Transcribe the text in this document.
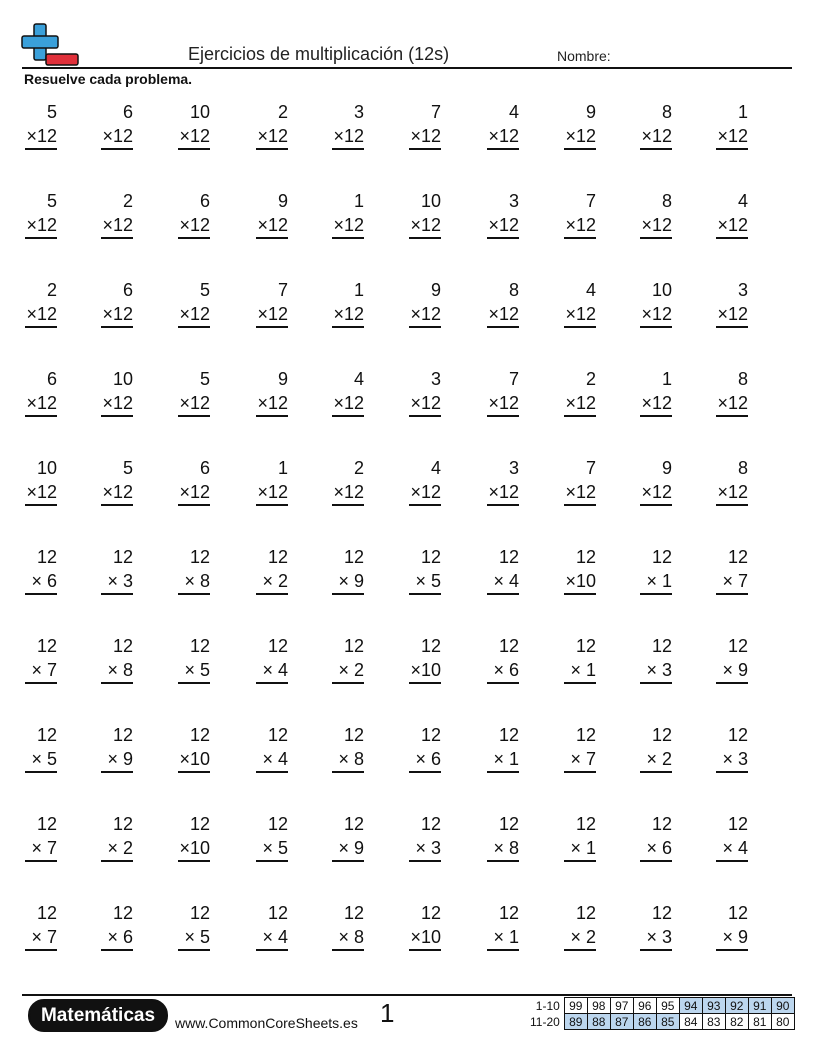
Ejercicios de multiplicación (12s)	Nombre:
Resuelve cada problema.
5
×12
6
×12
10
×12
2
×12
3
×12
7
×12
4
×12
9
×12
8
×12
1
×12
5
×12
2
×12
6
×12
9
×12
1
×12
10
×12
3
×12
7
×12
8
×12
4
×12
2
×12
6
×12
5
×12
7
×12
1
×12
9
×12
8
×12
4
×12
10
×12
3
×12
6
×12
10
×12
5
×12
9
×12
4
×12
3
×12
7
×12
2
×12
1
×12
8
×12
10
×12
5
×12
6
×12
1
×12
2
×12
4
×12
3
×12
7
×12
9
×12
8
×12
12
× 6
12
× 3
12
× 8
12
× 2
12
× 9
12
× 5
12
× 4
12
×10
12
× 1
12
× 7
12
× 7
12
× 8
12
× 5
12
× 4
12
× 2
12
×10
12
× 6
12
× 1
12
× 3
12
× 9
12
× 5
12
× 9
12
×10
12
× 4
12
× 8
12
× 6
12
× 1
12
× 7
12
× 2
12
× 3
12
× 7
12
× 2
12
×10
12
× 5
12
× 9
12
× 3
12
× 8
12
× 1
12
× 6
12
× 4
12
× 7
12
× 6
12
× 5
12
× 4
12
× 8
12
×10
12
× 1
12
× 2
12
× 3
12
× 9
Matemáticas	www.CommonCoreSheets.es 1	1-10	99	98	97	96	95	94	93	92	91	90
11-20	89	88	87	86	85	84	83	82	81	80
